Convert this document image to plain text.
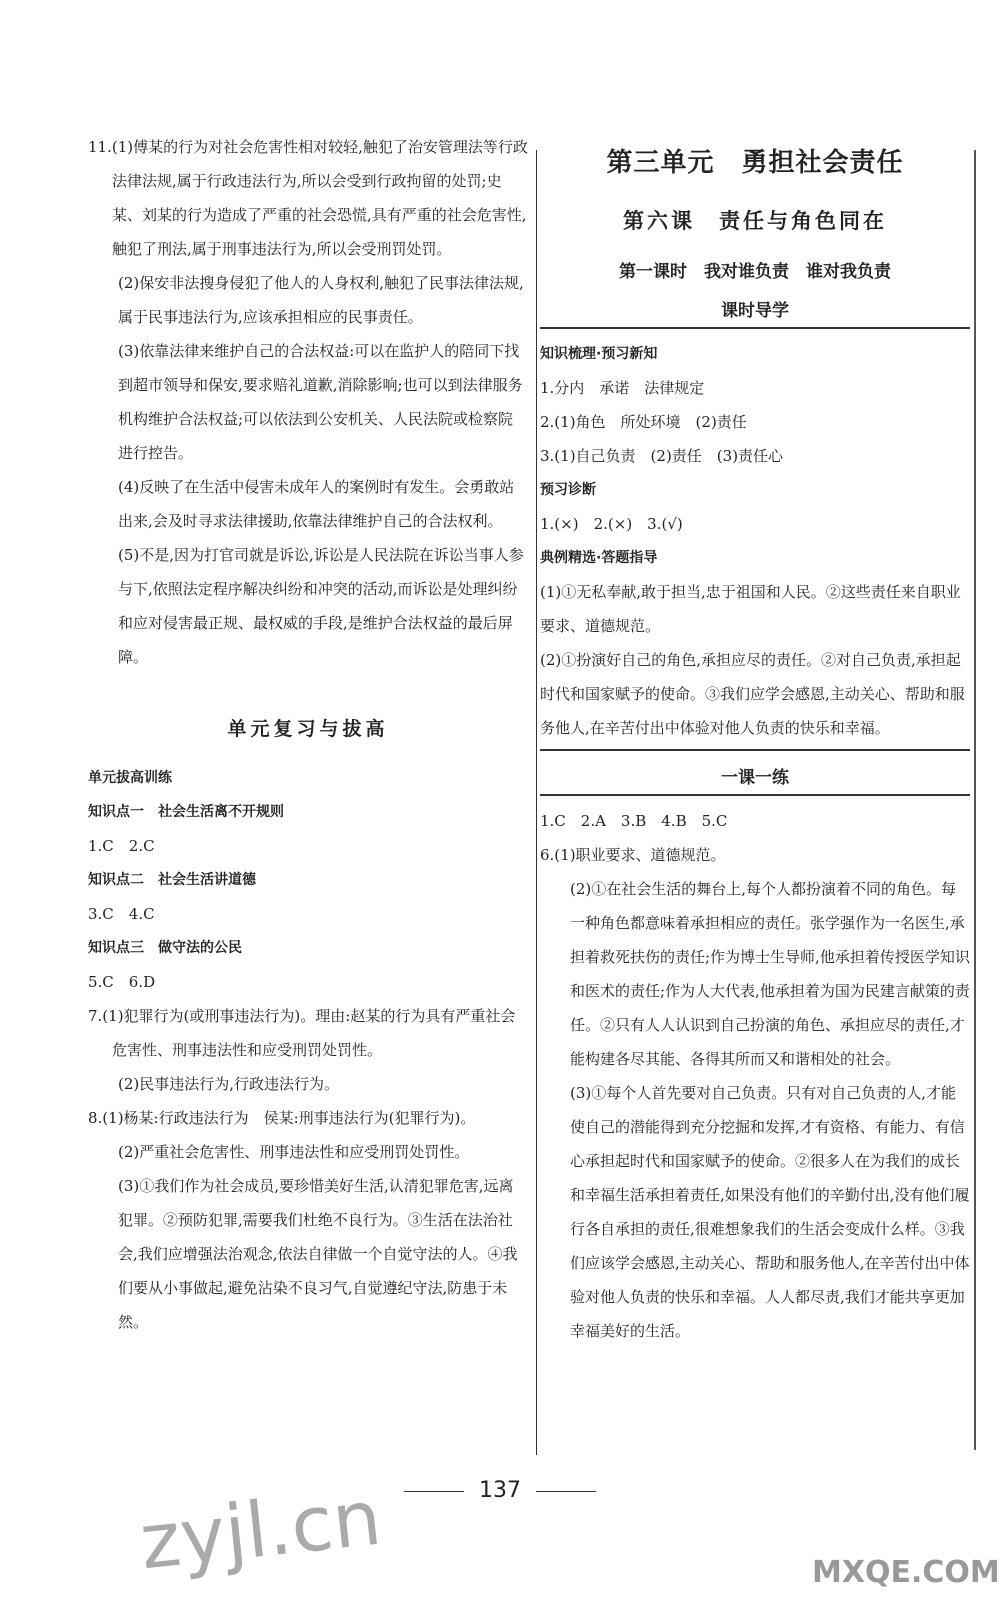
11.(1)傅某的行为对社会危害性相对较轻,触犯了治安管理法等行政法律法规,属于行政违法行为,所以会受到行政拘留的处罚;史某、刘某的行为造成了严重的社会恐慌,具有严重的社会危害性,触犯了刑法,属于刑事违法行为,所以会受刑罚处罚。

(2)保安非法搜身侵犯了他人的人身权利,触犯了民事法律法规,属于民事违法行为,应该承担相应的民事责任。

(3)依靠法律来维护自己的合法权益:可以在监护人的陪同下找到超市领导和保安,要求赔礼道歉,消除影响;也可以到法律服务机构维护合法权益;可以依法到公安机关、人民法院或检察院进行控告。

(4)反映了在生活中侵害未成年人的案例时有发生。会勇敢站出来,会及时寻求法律援助,依靠法律维护自己的合法权利。

(5)不是,因为打官司就是诉讼,诉讼是人民法院在诉讼当事人参与下,依照法定程序解决纠纷和冲突的活动,而诉讼是处理纠纷和应对侵害最正规、最权威的手段,是维护合法权益的最后屏障。

单元复习与拔高

单元拔高训练

知识点一　社会生活离不开规则

1.C　2.C

知识点二　社会生活讲道德

3.C　4.C

知识点三　做守法的公民

5.C　6.D

7.(1)犯罪行为(或刑事违法行为)。理由:赵某的行为具有严重社会危害性、刑事违法性和应受刑罚处罚性。

(2)民事违法行为,行政违法行为。

8.(1)杨某:行政违法行为　侯某:刑事违法行为(犯罪行为)。

(2)严重社会危害性、刑事违法性和应受刑罚处罚性。

(3)①我们作为社会成员,要珍惜美好生活,认清犯罪危害,远离犯罪。②预防犯罪,需要我们杜绝不良行为。③生活在法治社会,我们应增强法治观念,依法自律做一个自觉守法的人。④我们要从小事做起,避免沾染不良习气,自觉遵纪守法,防患于未然。

第三单元　勇担社会责任
第六课　责任与角色同在
第一课时　我对谁负责　谁对我负责
课时导学

知识梳理·预习新知

1.分内　承诺　法律规定

2.(1)角色　所处环境　(2)责任

3.(1)自己负责　(2)责任　(3)责任心

预习诊断

1.(×)　2.(×)　3.(√)

典例精选·答题指导

(1)①无私奉献,敢于担当,忠于祖国和人民。②这些责任来自职业要求、道德规范。

(2)①扮演好自己的角色,承担应尽的责任。②对自己负责,承担起时代和国家赋予的使命。③我们应学会感恩,主动关心、帮助和服务他人,在辛苦付出中体验对他人负责的快乐和幸福。

一课一练

1.C　2.A　3.B　4.B　5.C

6.(1)职业要求、道德规范。

(2)①在社会生活的舞台上,每个人都扮演着不同的角色。每一种角色都意味着承担相应的责任。张学强作为一名医生,承担着救死扶伤的责任;作为博士生导师,他承担着传授医学知识和医术的责任;作为人大代表,他承担着为国为民建言献策的责任。②只有人人认识到自己扮演的角色、承担应尽的责任,才能构建各尽其能、各得其所而又和谐相处的社会。

(3)①每个人首先要对自己负责。只有对自己负责的人,才能使自己的潜能得到充分挖掘和发挥,才有资格、有能力、有信心承担起时代和国家赋予的使命。②很多人在为我们的成长和幸福生活承担着责任,如果没有他们的辛勤付出,没有他们履行各自承担的责任,很难想象我们的生活会变成什么样。③我们应该学会感恩,主动关心、帮助和服务他人,在辛苦付出中体验对他人负责的快乐和幸福。人人都尽责,我们才能共享更加幸福美好的生活。

137
zyjl.cn	MXQE.COM
